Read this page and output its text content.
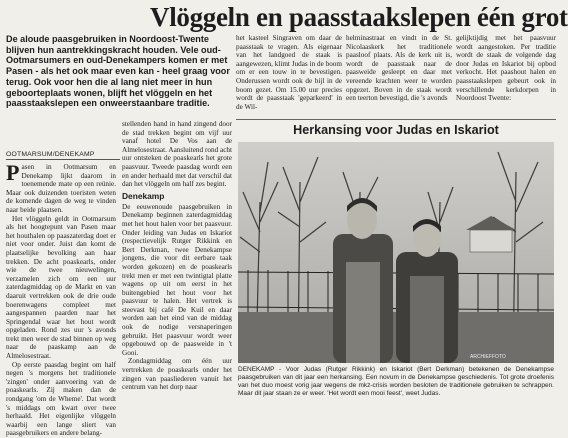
Vlöggeln en paasstaakslepen één grot
De aloude paasgebruiken in Noordoost-Twente blijven hun aantrekkingskracht houden. Vele oud-Ootmarsumers en oud-Denekampers komen er met Pasen - als het ook maar even kan - heel graag voor terug. Ook voor hen die al lang niet meer in hun geboorteplaats wonen, blijft het vlöggeln en het paasstaakslepen een onweerstaanbare traditie.
OOTMARSUM/DENEKAMP

Pasen in Ootmarsum en Denekamp lijkt daarom in toenemende mate op een reünie. Maar ook duizenden toeristen weten de komende dagen de weg te vinden naar beide plaatsen.

Het vlöggeln geldt in Ootmarsum als het hoogtepunt van Pasen maar het houthalen op paaszaterdag doet er niet voor onder. Juist dan komt de plaatselijke bevolking aan haar trekken. De acht poaskearls, onder wie de twee nieuwelingen, verzamelen zich om een uur zaterdagmiddag op de Markt en van daaruit vertrekken ook de drie oude boerenwagens compleet met aangespannen paarden naar het Springendal waar het hout wordt opgeladen. Rond zes uur 's avonds trekt men weer de stad binnen op weg naar de paaskamp aan de Almelosestraat.

Op eerste paasdag begint om half negen 's morgens het traditionele 'zingen' onder aanvoering van de poaskearls. Zij maken dan de rondgang 'om de Wheme'. Dat wordt 's middags om kwart over twee herhaald. Het eigenlijke vlöggeln waarbij een lange sliert van paasgebruikers en andere belang-

stellenden hand in hand zingend door de stad trekken begint om vijf uur vanaf hotel De Vos aan de Almelosestraat. Aansluitend rond acht uur ontsteken de poaskearls het grote paasvuur. Tweede paasdag wordt een en ander herhaald met dat verschil dat dan het vlöggeln om half zes begint.

Denekamp

De eeuwenoude paasgebruiken in Denekamp beginnen zaterdagmiddag met het hout halen voor het paasvuur. Onder leiding van Judas en Iskariot (respectievelijk Rutger Rikkink en Bert Derkman, twee Denekampse jongens, die voor dit eerbare taak worden gekozen) en de poaskearls trekt men er met een twintigtal platte wagens op uit om eerst in het buitengebied het hout voor het paasvuur te halen. Het vertrek is steevast bij café De Kuil en daar worden aan het eind van de middag ook de nodige versnaperingen gebruikt. Het paasvuur wordt weer opgebouwd op de paasweide in 't Gooi.

Zondagmiddag om één uur vertrekken de poaskearls onder het zingen van paasliederen vanuit het centrum van het dorp naar

het kasteel Singraven om daar de paasstaak te vragen. Als eigenaar van het landgoed de staak is aangewezen, klimt Judas in de boom om er een touw in te bevestigen. Onderussen wordt ook de bijl in de boom gezet. Om 15.00 uur precies wordt de paasstaak 'geparkeerd' in de Wil-
helminastraat en vindt in de St. Nicolaaskerk het traditionele paasloof plaats. Als de kerk uit is, wordt de paasstaak naar de paasweide gesleept en daar met vereende krachten weer te worden opgezet. Boven in de staak wordt een teerton bevestigd, die 's avonds
gelijktijdig met het paasvuur wordt aangestoken. Per traditie wordt de staak de volgende dag door Judas en Iskariot bij opbod verkocht. Het paashout halen en paasstaakslepen gebeurt ook in verschillende kerkdorpen in Noordoost Twente:
Herkansing voor Judas en Iskariot
ARCHIEFFOTO
DENEKAMP - Voor Judas (Rutger Rikkink) en Iskariot (Bert Derkman) betekenen de Denekampse paasgebruiken van dit jaar een herkansing. Een novum in de Denekampse geschiedenis. Tot grote droefenis van het duo moest vorig jaar wegens de mkz-crisis worden besloten de traditionele gebruiken te schrappen. Maar dit jaar staan ze er weer. 'Het wordt een mooi feest', weet Judas.
